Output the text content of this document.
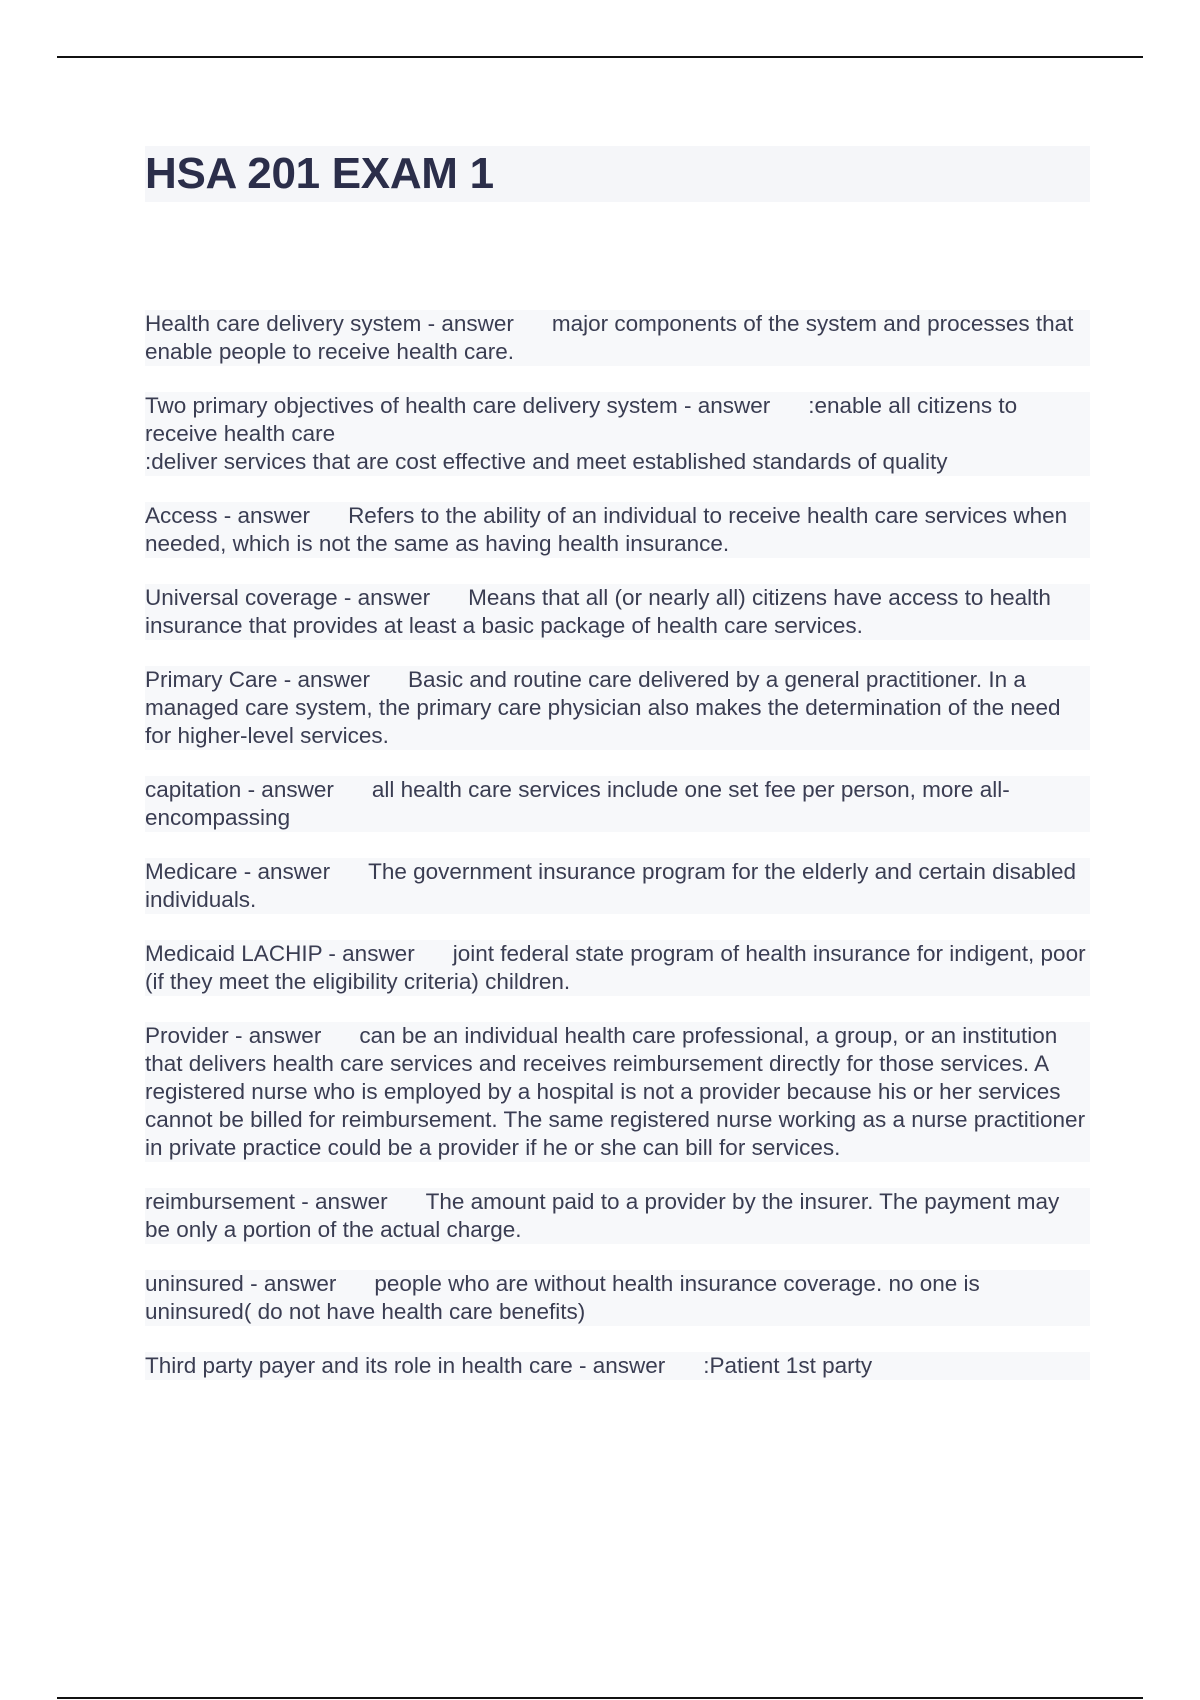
HSA 201 EXAM 1
Health care delivery system - answer major components of the system and processes that enable people to receive health care.
Two primary objectives of health care delivery system - answer :enable all citizens to receive health care
:deliver services that are cost effective and meet established standards of quality
Access - answer Refers to the ability of an individual to receive health care services when needed, which is not the same as having health insurance.
Universal coverage - answer Means that all (or nearly all) citizens have access to health insurance that provides at least a basic package of health care services.
Primary Care - answer Basic and routine care delivered by a general practitioner. In a managed care system, the primary care physician also makes the determination of the need for higher-level services.
capitation - answer all health care services include one set fee per person, more all-encompassing
Medicare - answer The government insurance program for the elderly and certain disabled individuals.
Medicaid LACHIP - answer joint federal state program of health insurance for indigent, poor (if they meet the eligibility criteria) children.
Provider - answer can be an individual health care professional, a group, or an institution that delivers health care services and receives reimbursement directly for those services. A registered nurse who is employed by a hospital is not a provider because his or her services cannot be billed for reimbursement. The same registered nurse working as a nurse practitioner in private practice could be a provider if he or she can bill for services.
reimbursement - answer The amount paid to a provider by the insurer. The payment may be only a portion of the actual charge.
uninsured - answer people who are without health insurance coverage. no one is uninsured( do not have health care benefits)
Third party payer and its role in health care - answer :Patient 1st party
